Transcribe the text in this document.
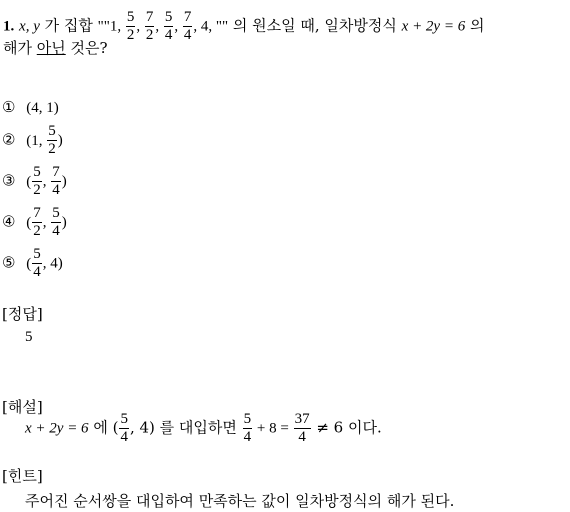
1. x, y 가 집합 ""1, $\frac{5}{2}$ , $\frac{7}{2}$ , $\frac{5}{4}$ , $\frac{7}{4}$ , 4, "" 의 원소일 때, 일차방정식 x + 2y = 6 의
해가 아닌 것은?
① (4, 1)
② (1, $\frac{5}{2}$ )
③ ( $\frac{5}{2}$ , $\frac{7}{4}$ )
④ ( $\frac{7}{2}$ , $\frac{5}{4}$ )
⑤ ( $\frac{5}{4}$ , 4)
[정답]
5
[해설]
x + 2y = 6 에 ( $\frac{5}{4}$ , 4) 를 대입하면 $\frac{5}{4} + 8 = \frac{37}{4} \ne 6$ 이다.
[힌트]
주어진 순서쌍을 대입하여 만족하는 값이 일차방정식의 해가 된다.
